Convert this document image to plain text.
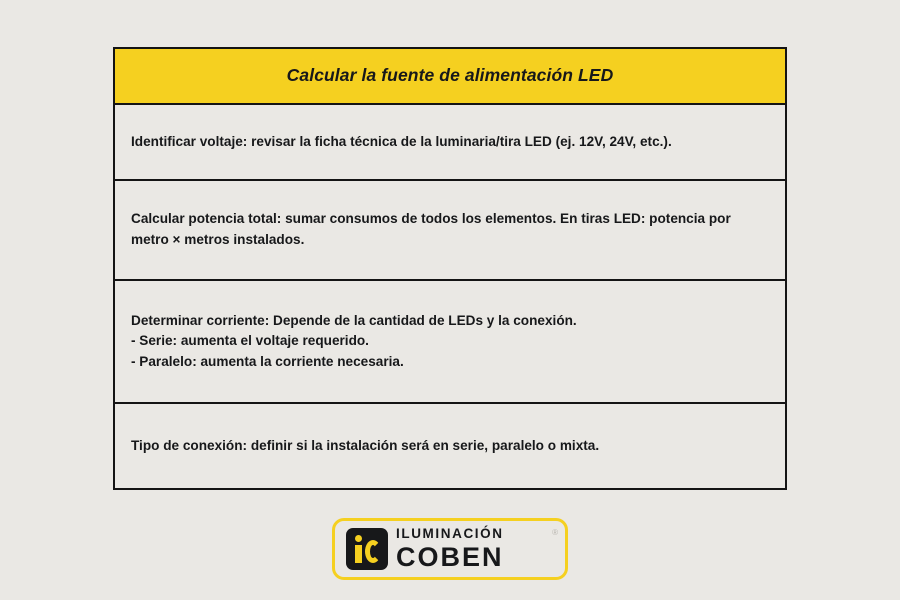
Calcular la fuente de alimentación LED
Identificar voltaje: revisar la ficha técnica de la luminaria/tira LED (ej. 12V, 24V, etc.).
Calcular potencia total: sumar consumos de todos los elementos. En tiras LED: potencia por metro × metros instalados.
Determinar corriente: Depende de la cantidad de LEDs y la conexión.
- Serie: aumenta el voltaje requerido.
- Paralelo: aumenta la corriente necesaria.
Tipo de conexión: definir si la instalación será en serie, paralelo o mixta.
ILUMINACIÓN
COBEN
®
